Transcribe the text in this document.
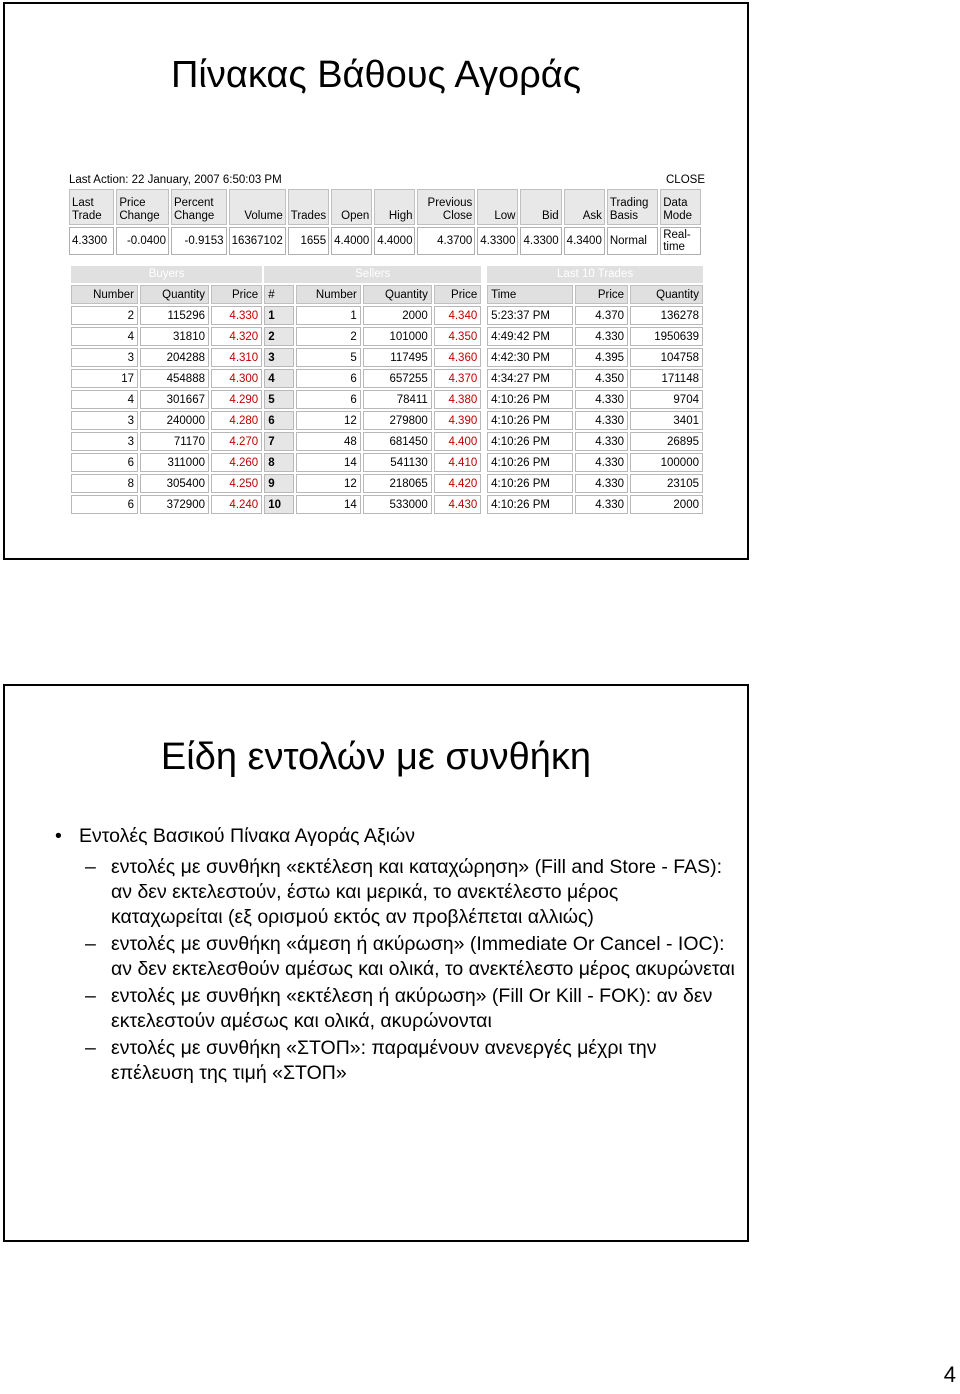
Πίνακας Βάθους Αγοράς
Last Action: 22 January, 2007 6:50:03 PM	CLOSE
Last Trade	Price Change	Percent Change	Volume	Trades	Open	High	Previous Close	Low	Bid	Ask	Trading Basis	Data Mode
4.3300	-0.0400	-0.9153	16367102	1655	4.4000	4.4000	4.3700	4.3300	4.3300	4.3400	Normal	Real-time
Buyers			Sellers					Last 10 Trades		
Number	Quantity	Price	#	Number	Quantity	Price		Time	Price	Quantity
2	115296	4.330	1	1	2000	4.340		5:23:37 PM	4.370	136278
4	31810	4.320	2	2	101000	4.350		4:49:42 PM	4.330	1950639
3	204288	4.310	3	5	117495	4.360		4:42:30 PM	4.395	104758
17	454888	4.300	4	6	657255	4.370		4:34:27 PM	4.350	171148
4	301667	4.290	5	6	78411	4.380		4:10:26 PM	4.330	9704
3	240000	4.280	6	12	279800	4.390		4:10:26 PM	4.330	3401
3	71170	4.270	7	48	681450	4.400		4:10:26 PM	4.330	26895
6	311000	4.260	8	14	541130	4.410		4:10:26 PM	4.330	100000
8	305400	4.250	9	12	218065	4.420		4:10:26 PM	4.330	23105
6	372900	4.240	10	14	533000	4.430		4:10:26 PM	4.330	2000
Είδη εντολών με συνθήκη
• Εντολές Βασικού Πίνακα Αγοράς Αξιών
– εντολές με συνθήκη «εκτέλεση και καταχώρηση» (Fill and Store - FAS): αν δεν εκτελεστούν, έστω και μερικά, το ανεκτέλεστο μέρος καταχωρείται (εξ ορισμού εκτός αν προβλέπεται αλλιώς)
– εντολές με συνθήκη «άμεση ή ακύρωση» (Immediate Or Cancel - IOC): αν δεν εκτελεσθούν αμέσως και ολικά, το ανεκτέλεστο μέρος ακυρώνεται
– εντολές με συνθήκη «εκτέλεση ή ακύρωση» (Fill Or Kill - FOK): αν δεν εκτελεστούν αμέσως και ολικά, ακυρώνονται
– εντολές με συνθήκη «ΣΤΟΠ»: παραμένουν ανενεργές μέχρι την επέλευση της τιμή «ΣΤΟΠ»
4
